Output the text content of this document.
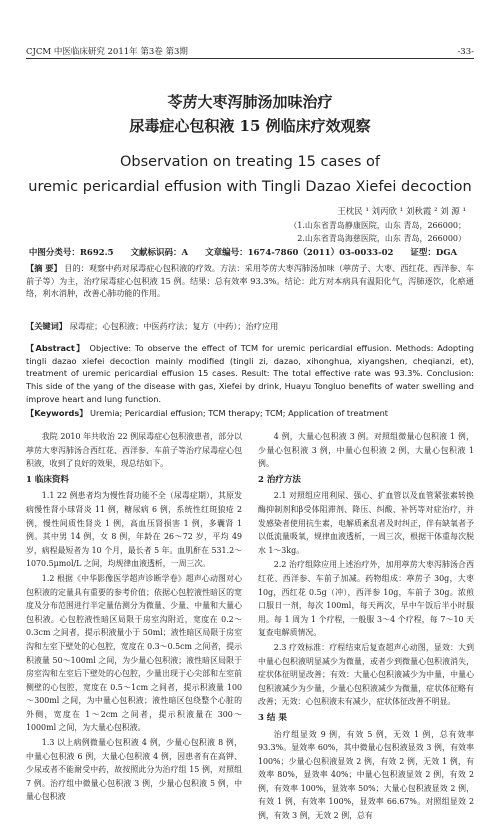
CJCM 中医临床研究 2011年 第3卷 第3期	-33-
苓苈大枣泻肺汤加味治疗
尿毒症心包积液 15 例临床疗效观察
Observation on treating 15 cases of
uremic pericardial effusion with Tingli Dazao Xiefei decoction
王枕民 ¹ 刘丙欣 ¹ 刘秋霞 ² 刘 源 ¹
（1.山东省青岛静康医院，山东 青岛，266000；
2.山东省青岛海慈医院，山东 青岛，266000）
中图分类号：R692.5 文献标识码：A 文章编号：1674-7860（2011）03-0033-02 证型：DGA
【摘 要】 目的：观察中药对尿毒症心包积液的疗效。方法：采用苓苈大枣泻肺汤加味（葶苈子、大枣、西红花、西洋参、车前子等）为主，治疗尿毒症心包积液 15 例。结果：总有效率 93.3%。结论：此方对本病具有温阳化气，泻肺逐饮，化瘀通络，利水消肿，改善心肺功能的作用。
【关键词】 尿毒症；心包积液；中医药疗法；复方（中药）；治疗应用
【Abstract】 Objective: To observe the effect of TCM for uremic pericardial effusion. Methods: Adopting tingli dazao xiefei decoction mainly modified (tingli zi, dazao, xihonghua, xiyangshen, cheqianzi, et), treatment of uremic pericardial effusion 15 cases. Result: The total effective rate was 93.3%. Conclusion: This side of the yang of the disease with gas, Xiefei by drink, Huayu Tongluo benefits of water swelling and improve heart and lung function.
【Keywords】 Uremia; Pericardial effusion; TCM therapy; TCM; Application of treatment

我院 2010 年共收治 22 例尿毒症心包积液患者，部分以葶苈大枣泻肺汤合西红花、西洋参、车前子等治疗尿毒症心包积液，收到了良好的效果，现总结如下。

1 临床资料

1.1 22 例患者均为慢性肾功能不全（尿毒症期），其原发病慢性肾小球肾炎 11 例，糖尿病 6 例，系统性红斑狼疮 2 例，慢性间质性肾炎 1 例，高血压肾损害 1 例，多囊肾 1 例。其中男 14 例，女 8 例，年龄在 26～72 岁，平均 49 岁，病程最短者为 10 个月，最长者 5 年。血肌酐在 531.2～1070.5μmol/L 之间，均规律血液透析，一周三次。

1.2 根据《中华影像医学超声诊断学卷》超声心动图对心包积液的定量具有重要的参考价值；依据心包腔液性暗区的宽度及分布范围进行半定量估测分为微量、少量、中量和大量心包积液。心包腔液性暗区局限于房室沟附近，宽度在 0.2～0.3cm 之间者，提示积液量小于 50ml；液性暗区局限于房室沟和左室下壁处的心包腔，宽度在 0.3～0.5cm 之间者，提示积液量 50～100ml 之间，为少量心包积液；液性暗区局限于房室沟和左室后下壁处的心包腔，少量出现于心尖部和左室前侧壁的心包腔，宽度在 0.5～1cm 之间者，提示积液量 100～300ml 之间，为中量心包积液；液性暗区包绕整个心脏的外侧，宽度在 1～2cm 之间者，提示积液量在 300～1000ml 之间，为大量心包积液。

1.3 以上病例微量心包积液 4 例，少量心包积液 8 例，中量心包积液 6 例，大量心包积液 4 例，因患者有在高钾、少尿或者不能耐受中药，故按照此分为治疗组 15 例，对照组 7 例。治疗组中微量心包积液 3 例，少量心包积液 5 例，中量心包积液

4 例，大量心包积液 3 例。对照组微量心包积液 1 例，少量心包积液 3 例，中量心包积液 2 例，大量心包积液 1 例。

2 治疗方法

2.1 对照组应用利尿、强心、扩血管以及血管紧张素转换酶抑制剂和β受体阻滞剂、降压、纠酸、补钙等对症治疗，并发感染者使用抗生素，电解质紊乱者及时纠正，伴有缺氧者予以低流量吸氧，规律血液透析，一周三次，根据干体重每次脱水 1～3kg。

2.2 治疗组除应用上述治疗外，加用葶苈大枣泻肺汤合西红花、西洋参、车前子加减。药物组成：葶苈子 30g，大枣 10g，西红花 0.5g（冲），西洋参 10g，车前子 30g。浓煎口服日一剂，每次 100ml，每天两次，早中午饭后半小时服用。每 1 周为 1 个疗程，一般服 3～4 个疗程，每 7～10 天复查电解质情况。

2.3 疗效标准：疗程结束后复查超声心动图，显效：大到中量心包积液明显减少为微量，或者少到微量心包积液消失，症状体征明显改善；有效：大量心包积液减少为中量，中量心包积液减少为少量，少量心包积液减少为微量，症状体征略有改善；无效：心包积液未有减少，症状体征改善不明显。

3 结 果

治疗组显效 9 例，有效 5 例，无效 1 例，总有效率 93.3%。显效率 60%，其中微量心包积液显效 3 例，有效率 100%；少量心包积液显效 2 例，有效 2 例，无效 1 例，有效率 80%，显效率 40%；中量心包积液显效 2 例，有效 2 例，有效率 100%，显效率 50%；大量心包积液显效 2 例，有效 1 例，有效率 100%，显效率 66.67%。对照组显效 2 例，有效 3 例，无效 2 例，总有
